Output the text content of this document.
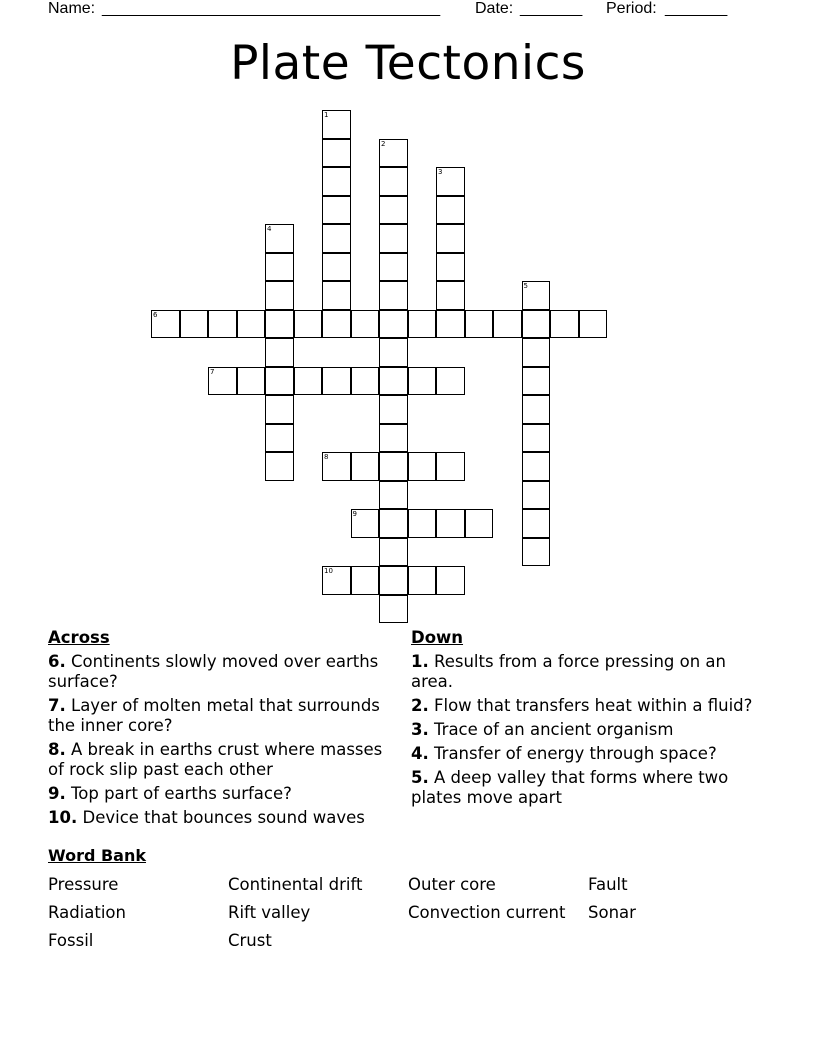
Name: ______________________________________ Date: _______ Period: _______
Plate Tectonics
1
2
3
4
5
6
7
8
9
10
Across
6. Continents slowly moved over earths surface?
7. Layer of molten metal that surrounds the inner core?
8. A break in earths crust where masses of rock slip past each other
9. Top part of earths surface?
10. Device that bounces sound waves
Down
1. Results from a force pressing on an area.
2. Flow that transfers heat within a fluid?
3. Trace of an ancient organism
4. Transfer of energy through space?
5. A deep valley that forms where two plates move apart
Word Bank
Pressure	Continental drift	Outer core	Fault
Radiation	Rift valley	Convection current Sonar
Fossil	Crust
